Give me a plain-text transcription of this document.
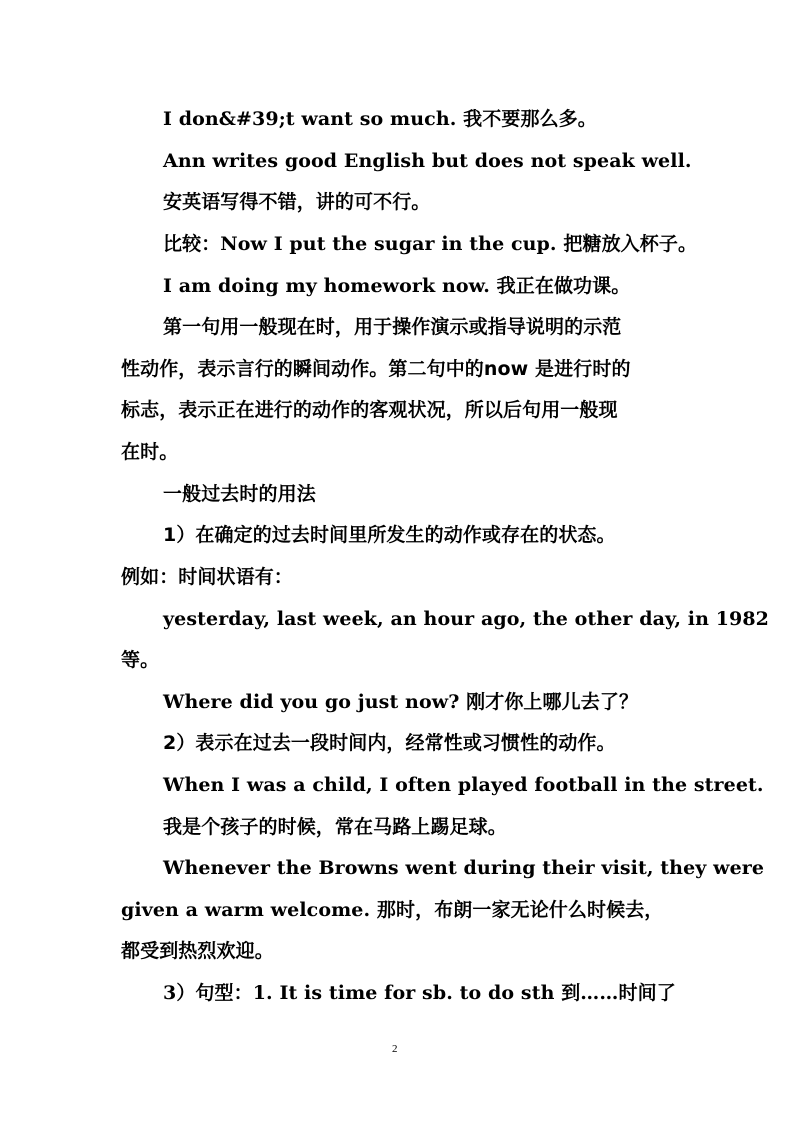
I don&#39;t want so much. 我不要那么多。
Ann writes good English but does not speak well.
安英语写得不错，讲的可不行。
比较：Now I put the sugar in the cup. 把糖放入杯子。
I am doing my homework now. 我正在做功课。
第一句用一般现在时，用于操作演示或指导说明的示范
性动作，表示言行的瞬间动作。第二句中的now 是进行时的
标志，表示正在进行的动作的客观状况，所以后句用一般现
在时。
一般过去时的用法
1）在确定的过去时间里所发生的动作或存在的状态。
例如：时间状语有：
yesterday, last week, an hour ago, the other day, in 1982
等。
Where did you go just now? 刚才你上哪儿去了？
2）表示在过去一段时间内，经常性或习惯性的动作。
When I was a child, I often played football in the street.
我是个孩子的时候，常在马路上踢足球。
Whenever the Browns went during their visit, they were
given a warm welcome. 那时，布朗一家无论什么时候去，
都受到热烈欢迎。
3）句型：1. It is time for sb. to do sth 到……时间了
2
